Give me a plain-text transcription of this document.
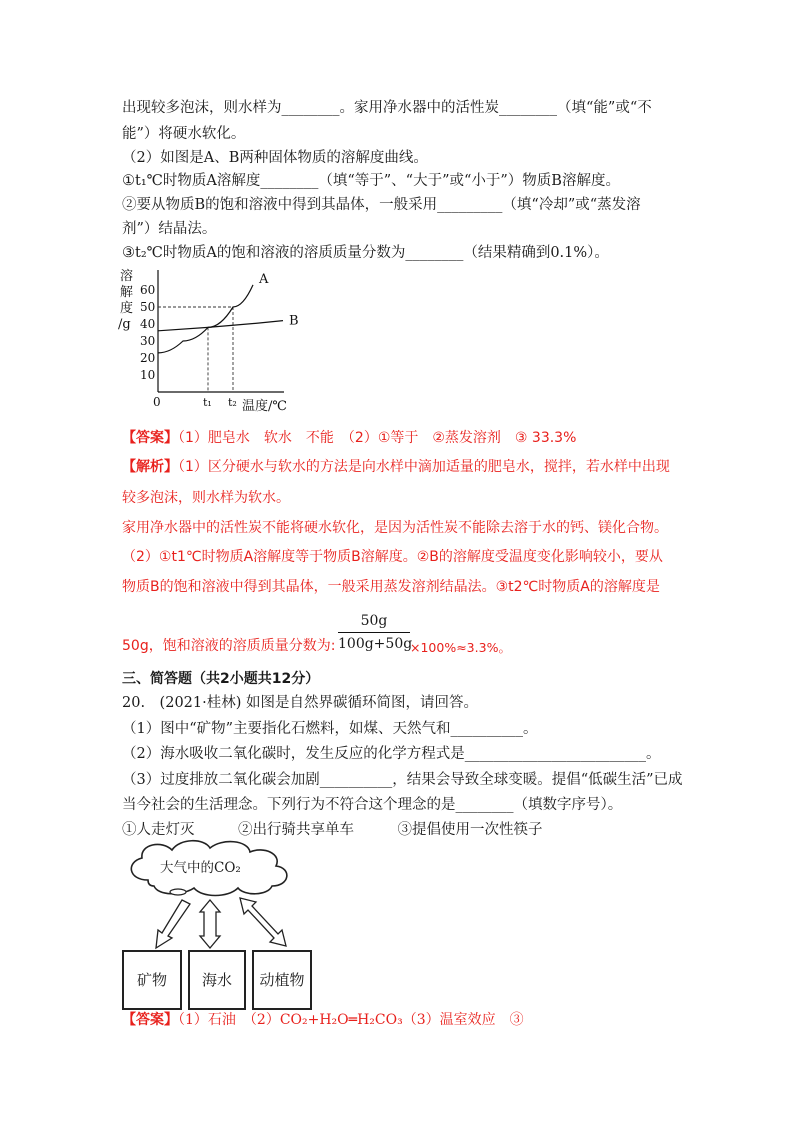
出现较多泡沫，则水样为________。家用净水器中的活性炭________（填“能”或“不
能”）将硬水软化。
（2）如图是A、B两种固体物质的溶解度曲线。
①t₁℃时物质A溶解度________（填“等于”、“大于”或“小于”）物质B溶解度。
②要从物质B的饱和溶液中得到其晶体，一般采用_________（填“冷却”或“蒸发溶
剂”）结晶法。
③t₂℃时物质A的饱和溶液的溶质质量分数为________（结果精确到0.1%）。
溶
解
度
/g
10
20
30
40
50
60
A
B
t₁ t₂
0	温度/℃
【答案】（1）肥皂水　软水　不能　（2）①等于　②蒸发溶剂　③ 33.3%
【解析】（1）区分硬水与软水的方法是向水样中滴加适量的肥皂水，搅拌，若水样中出现
较多泡沫，则水样为软水。
家用净水器中的活性炭不能将硬水软化，是因为活性炭不能除去溶于水的钙、镁化合物。
（2）①t1℃时物质A溶解度等于物质B溶解度。②B的溶解度受温度变化影响较小，要从
物质B的饱和溶液中得到其晶体，一般采用蒸发溶剂结晶法。③t2℃时物质A的溶解度是
50g
50g，饱和溶液的溶质质量分数为: 100g+50g
×100%≈3.3%。
三、简答题（共2小题共12分）
20.　(2021·桂林) 如图是自然界碳循环简图，请回答。
（1）图中“矿物”主要指化石燃料，如煤、天然气和__________。
（2）海水吸收二氧化碳时，发生反应的化学方程式是_________________________。
（3）过度排放二氧化碳会加剧__________，结果会导致全球变暖。提倡“低碳生活”已成
当今社会的生活理念。下列行为不符合这个理念的是________（填数字序号）。
①人走灯灭　　　②出行骑共享单车　　　③提倡使用一次性筷子
大气中的CO₂
矿物	海水	动植物
【答案】（1）石油　（2）CO₂+H₂O═H₂CO₃（3）温室效应　③
